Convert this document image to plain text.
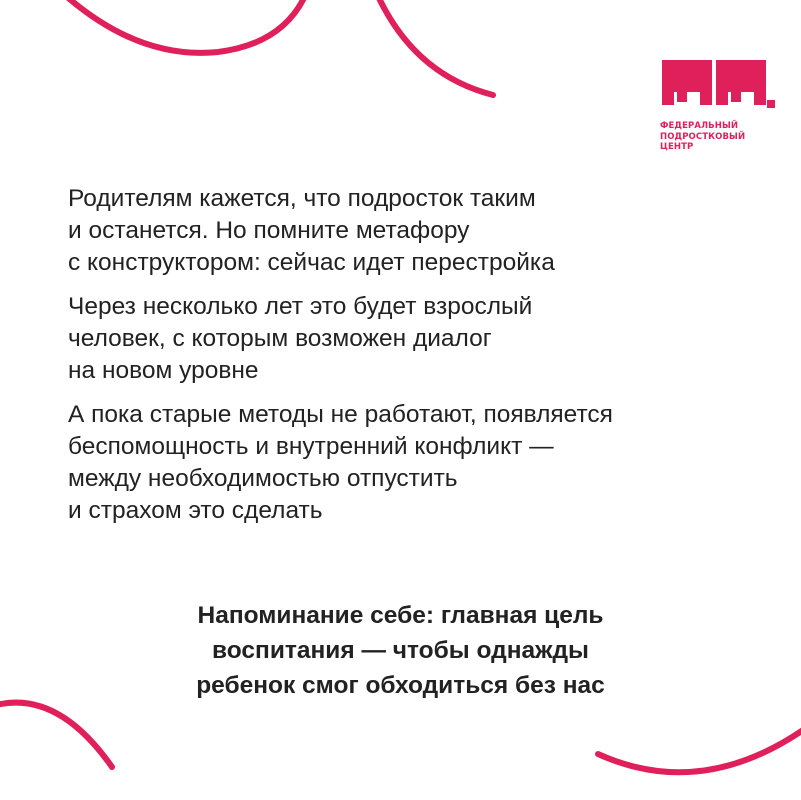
ФЕДЕРАЛЬНЫЙ
ПОДРОСТКОВЫЙ
ЦЕНТР
Родителям кажется, что подросток таким
и останется. Но помните метафору
с конструктором: сейчас идет перестройка
Через несколько лет это будет взрослый
человек, с которым возможен диалог
на новом уровне
А пока старые методы не работают, появляется
беспомощность и внутренний конфликт —
между необходимостью отпустить
и страхом это сделать
Напоминание себе: главная цель
воспитания — чтобы однажды
ребенок смог обходиться без нас
